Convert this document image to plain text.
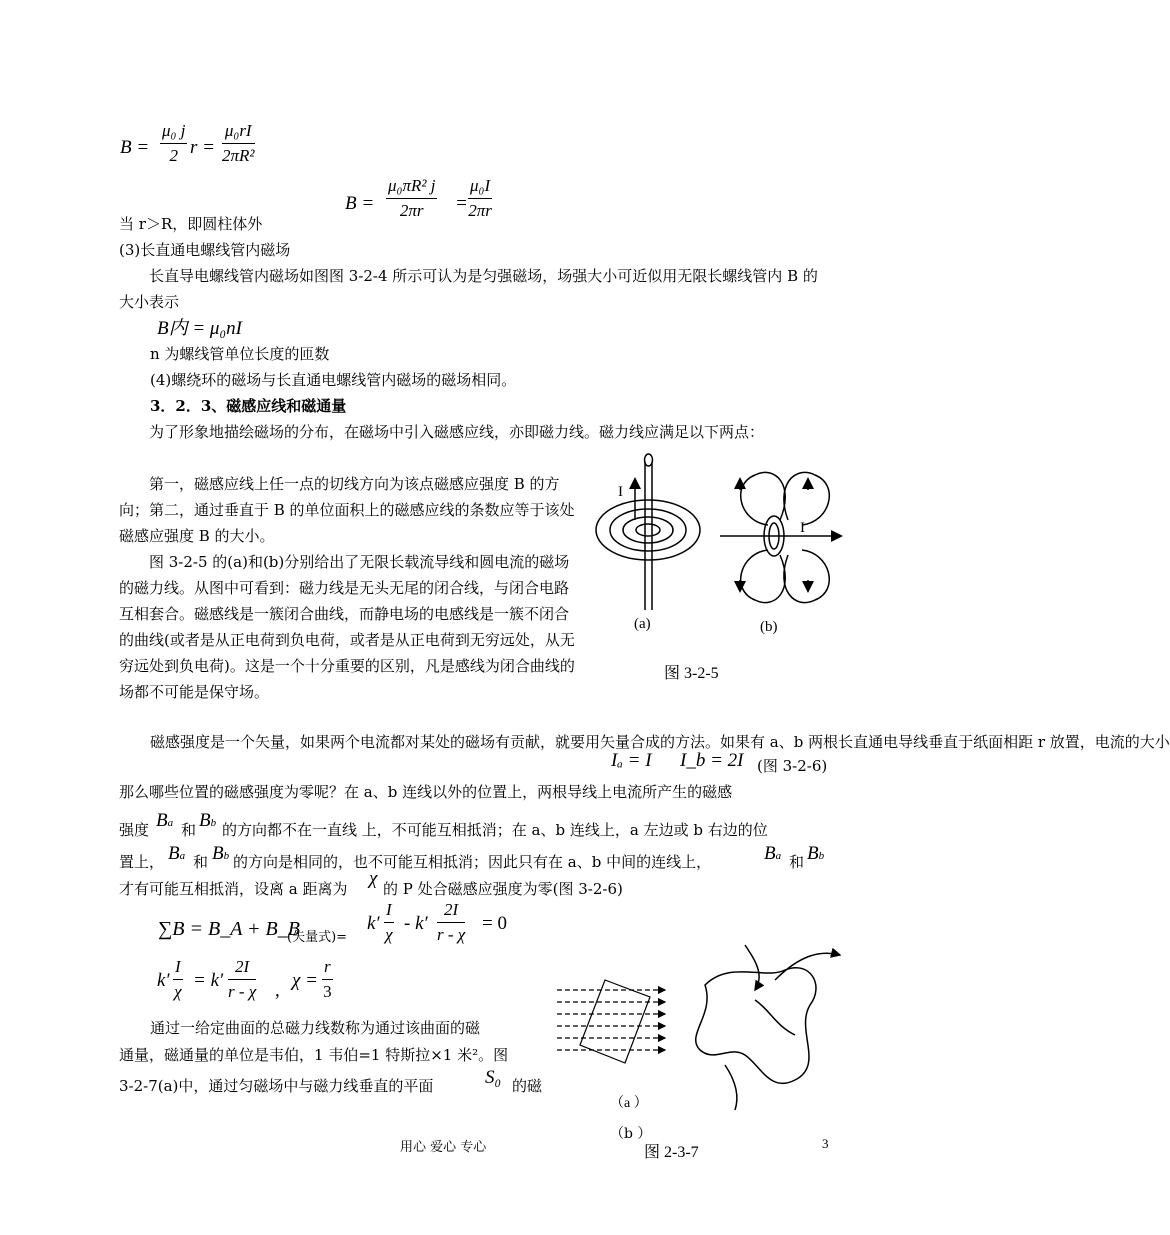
B =
μ₀ j
2 r =
μ₀rI
2πR²
B =
μ₀πR² j
2πr =
μ₀I
2πr
当 r＞R，即圆柱体外
(3)长直通电螺线管内磁场
长直导电螺线管内磁场如图图 3-2-4 所示可认为是匀强磁场，场强大小可近似用无限长螺线管内 B 的大小表示
B内 = μ₀nI
n 为螺线管单位长度的匝数
(4)螺绕环的磁场与长直通电螺线管内磁场的磁场相同。
3．2．3、磁感应线和磁通量
为了形象地描绘磁场的分布，在磁场中引入磁感应线，亦即磁力线。磁力线应满足以下两点：
第一，磁感应线上任一点的切线方向为该点磁感应强度 B 的方向；第二，通过垂直于 B 的单位面积上的磁感应线的条数应等于该处磁感应强度 B 的大小。
图 3-2-5 的(a)和(b)分别给出了无限长载流导线和圆电流的磁场的磁力线。从图中可看到：磁力线是无头无尾的闭合线，与闭合电路互相套合。磁感线是一簇闭合曲线，而静电场的电感线是一簇不闭合的曲线(或者是从正电荷到负电荷，或者是从正电荷到无穷远处，从无穷远处到负电荷)。这是一个十分重要的区别，凡是感线为闭合曲线的场都不可能是保守场。
I
(a)
I
(b)
图 3-2-5
磁感强度是一个矢量，如果两个电流都对某处的磁场有贡献，就要用矢量合成的方法。如果有 a、b 两根长直通电导线垂直于纸面相距 r 放置，电流的大小
Iₐ = I I_b = 2I (图 3-2-6)
那么哪些位置的磁感强度为零呢？在 a、b 连线以外的位置上，两根导线上电流所产生的磁感
强度 Ba 和 Bb 的方向都不在一直线 上，不可能互相抵消；在 a、b 连线上，a 左边或 b 右边的位
置上， Ba 和 Bb 的方向是相同的，也不可能互相抵消；因此只有在 a、b 中间的连线上，	Ba 和 Bb
才有可能互相抵消，设离 a 距离为 χ 的 P 处合磁感应强度为零(图 3-2-6)
∑B = B_A + B_B
(矢量式)=
k′
I
χ
- k′
2I
r - χ
= 0
k′
I
χ
= k′
2I
r - χ , χ =
r
3
通过一给定曲面的总磁力线数称为通过该曲面的磁
通量，磁通量的单位是韦伯，1 韦伯=1 特斯拉×1 米²。图
3-2-7(a)中，通过匀磁场中与磁力线垂直的平面	S₀ 的磁
（a ）
（b ）
图 2-3-7
用心 爱心 专心	3
